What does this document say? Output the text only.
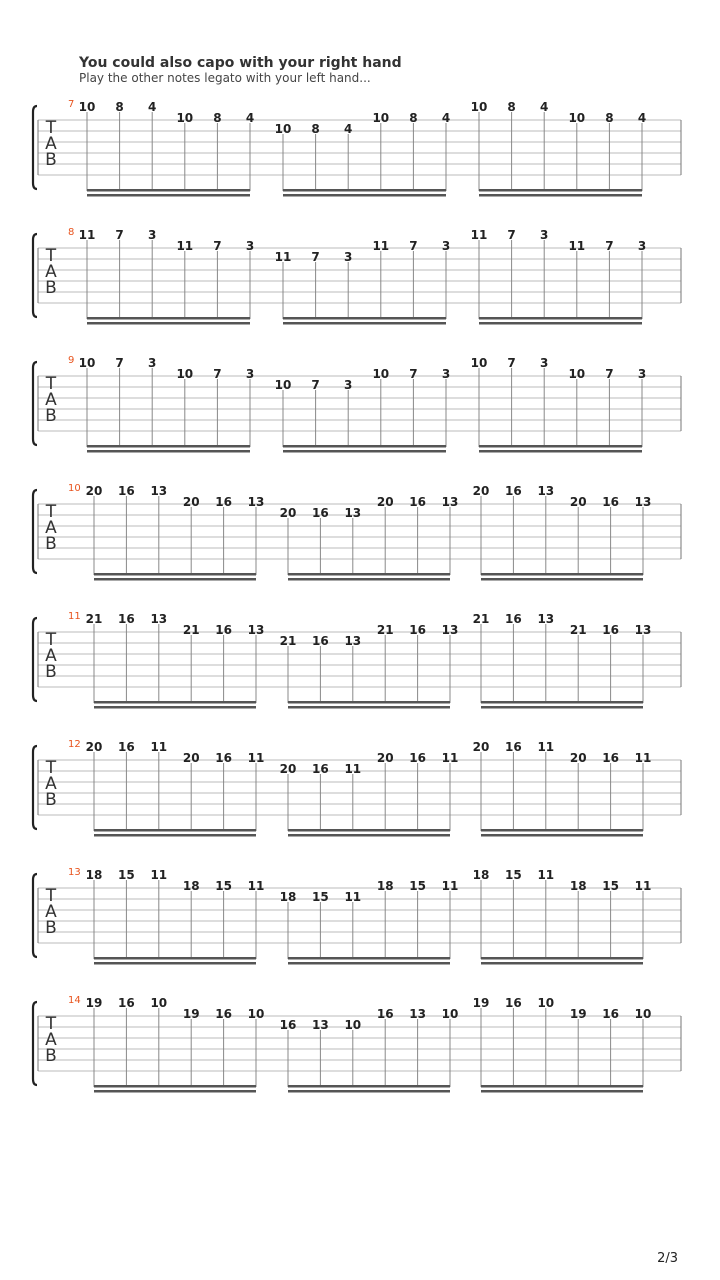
You could also capo with your right hand
Play the other notes legato with your left hand...
T
A
B
7 10 8 4
10 8 4
10 8 4
10 8 4
10 8 4
10 8 4
T
A
B
8 11 7 3
11 7 3
11 7 3
11 7 3
11 7 3
11 7 3
T
A
B
9 10 7 3
10 7 3
10 7 3
10 7 3
10 7 3
10 7 3
T
A
B
10 20 16 13
20 16 13
20 16 13
20 16 13
20 16 13
20 16 13
T
A
B
11 21 16 13
21 16 13
21 16 13
21 16 13
21 16 13
21 16 13
T
A
B
12 20 16 11
20 16 11
20 16 11
20 16 11
20 16 11
20 16 11
T
A
B
13 18 15 11
18 15 11
18 15 11
18 15 11
18 15 11
18 15 11
T
A
B
14 19 16 10
19 16 10
16 13 10
16 13 10
19 16 10
19 16 10
2/3
